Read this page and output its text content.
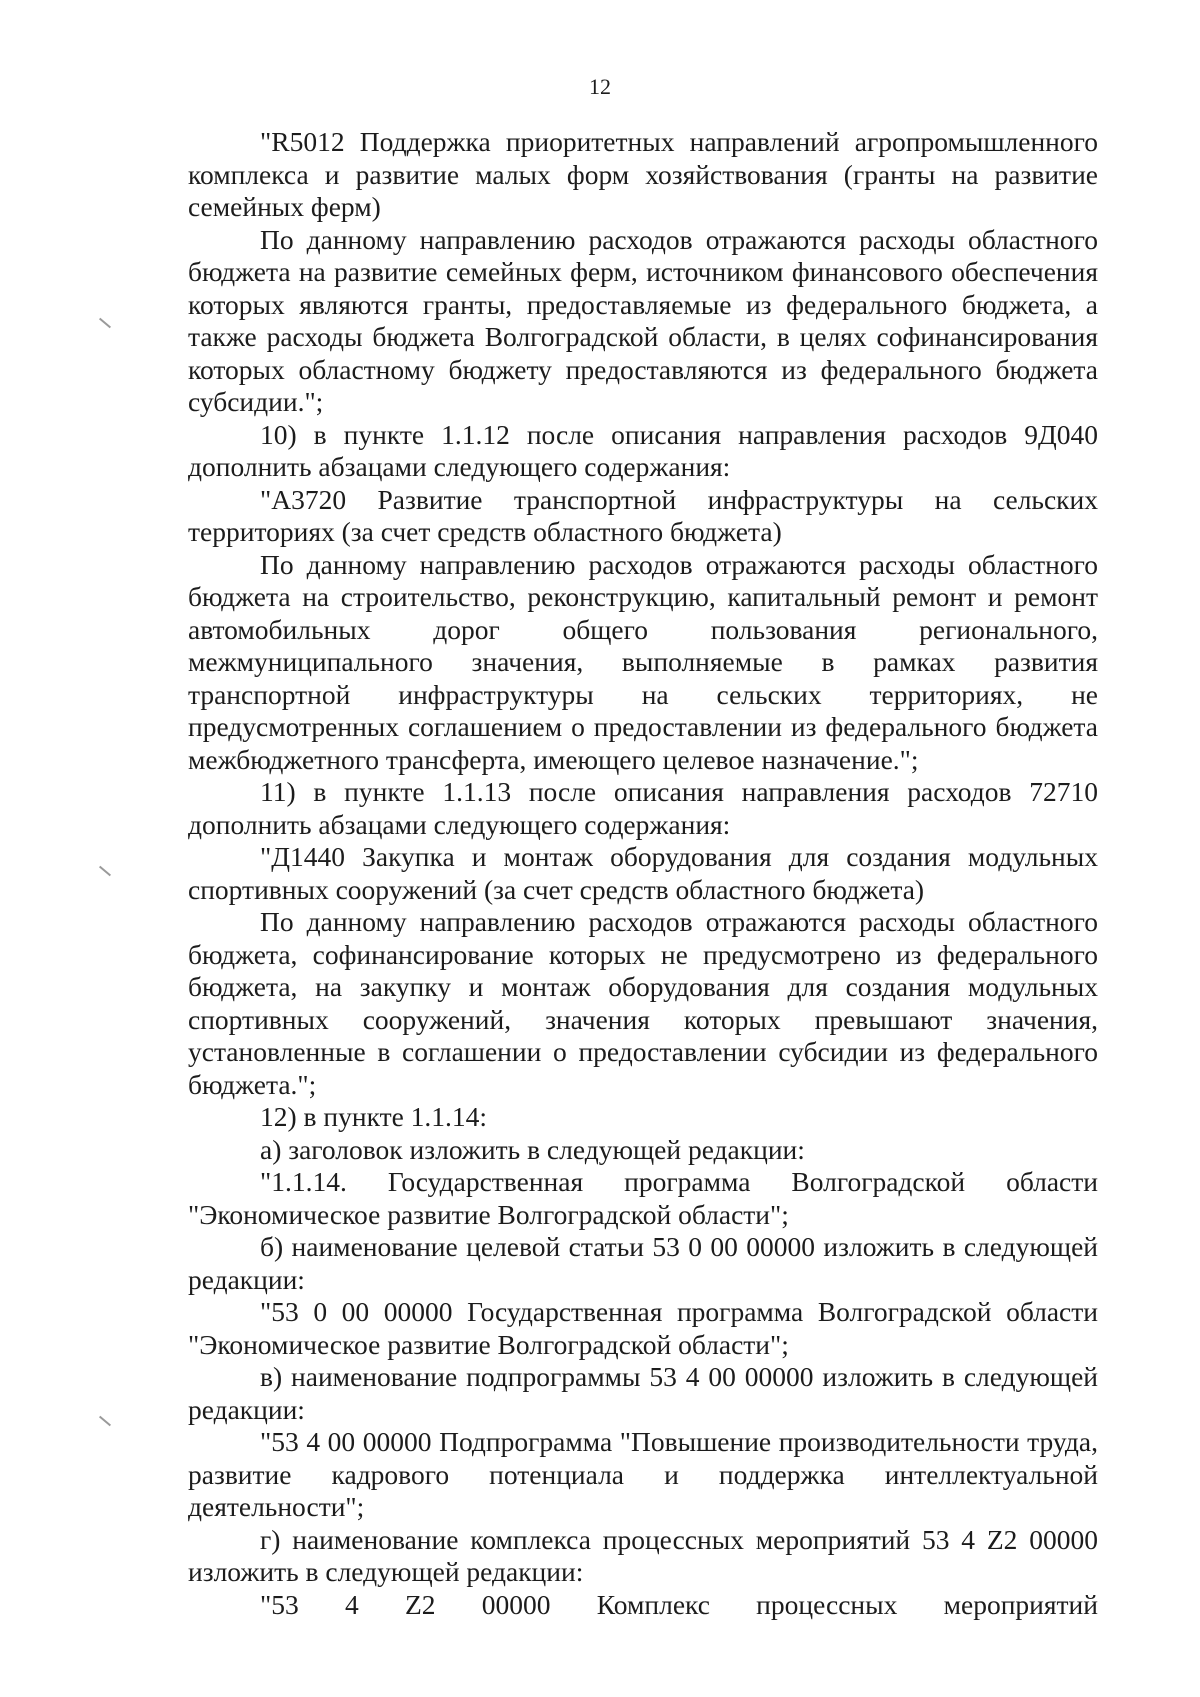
12

"R5012 Поддержка приоритетных направлений агропромышленного комплекса и развитие малых форм хозяйствования (гранты на развитие семейных ферм)

По данному направлению расходов отражаются расходы областного бюджета на развитие семейных ферм, источником финансового обеспечения которых являются гранты, предоставляемые из федерального бюджета, а также расходы бюджета Волгоградской области, в целях софинансирования которых областному бюджету предоставляются из федерального бюджета субсидии.";

10) в пункте 1.1.12 после описания направления расходов 9Д040 дополнить абзацами следующего содержания:

"А3720 Развитие транспортной инфраструктуры на сельских территориях (за счет средств областного бюджета)

По данному направлению расходов отражаются расходы областного бюджета на строительство, реконструкцию, капитальный ремонт и ремонт автомобильных дорог общего пользования регионального, межмуниципального значения, выполняемые в рамках развития транспортной инфраструктуры на сельских территориях, не предусмотренных соглашением о предоставлении из федерального бюджета межбюджетного трансферта, имеющего целевое назначение.";

11) в пункте 1.1.13 после описания направления расходов 72710 дополнить абзацами следующего содержания:

"Д1440 Закупка и монтаж оборудования для создания модульных спортивных сооружений (за счет средств областного бюджета)

По данному направлению расходов отражаются расходы областного бюджета, софинансирование которых не предусмотрено из федерального бюджета, на закупку и монтаж оборудования для создания модульных спортивных сооружений, значения которых превышают значения, установленные в соглашении о предоставлении субсидии из федерального бюджета.";

12) в пункте 1.1.14:

а) заголовок изложить в следующей редакции:

"1.1.14. Государственная программа Волгоградской области "Экономическое развитие Волгоградской области";

б) наименование целевой статьи 53 0 00 00000 изложить в следующей редакции:

"53 0 00 00000 Государственная программа Волгоградской области "Экономическое развитие Волгоградской области";

в) наименование подпрограммы 53 4 00 00000 изложить в следующей редакции:

"53 4 00 00000 Подпрограмма "Повышение производительности труда, развитие кадрового потенциала и поддержка интеллектуальной деятельности";

г) наименование комплекса процессных мероприятий 53 4 Z2 00000 изложить в следующей редакции:

"53 4 Z2 00000 Комплекс процессных мероприятий
